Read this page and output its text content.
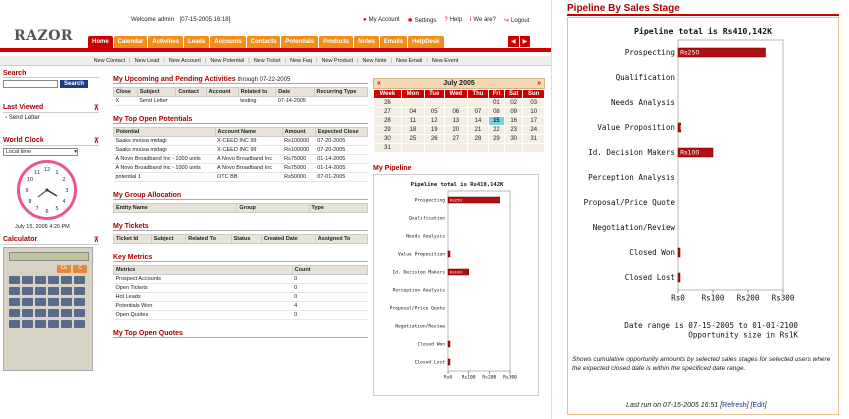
RAZOR
Welcome admin [07-15-2005 16:18]	● My Account ✱ Settings ? Help i We are? ↪ Logout
Home	Calendar	Activities	Leads	Accounts	Contacts	Potentials	Products	Notes	Emails	HelpDesk	◀	▶
New Contact | New Lead | New Account | New Potential | New Ticket | New Faq | New Product | New Note | New Email | New Event
Search
Search
Last Viewed	⊼
▪ Send Letter
World Clock	⊼
Local time	▾
12 1
2
3
4
5
6
7
8
9
10
11
July 15, 2005 4:20 PM
Calculator	⊼
CE	C
My Upcoming and Pending Activities through 07-22-2005
Close	Subject	Contact	Account	Related to	Date	Recurring Type
X	Send Letter			testing	07-14-2005	
My Top Open Potentials
Potential	Account Name	Amount	Expected Close
Saaks moüsa midagi	X-CEED INC 99	Rs100000	07-20-2005
Saaks moüsa midagi	X-CEED INC 99	Rs100000	07-20-2005
A Novo Broadband Inc - 1000 units	A Novo Broadband Inc	Rs75000	01-14-2005
A Novo Broadband Inc - 1000 units	A Novo Broadband Inc	Rs75000	01-14-2005
potential 1	OTC BB	Rs50000	07-01-2005
My Group Allocation
Entity Name	Group	Type
My Tickets
Ticket Id	Subject	Related To	Status	Created Date	Assigned To
Key Metrics
Metrics	Count
Prospect Accounts	0
Open Tickets	0
Hot Leads	0
Potentials Won	4
Open Quotes	0
My Top Open Quotes
«	July 2005	»
Week	Mon	Tue	Wed	Thu	Fri	Sat	Sun
26					01	02	03
27	04	05	06	07	08	09	10
28	11	12	13	14	15	16	17
29	18	19	20	21	22	23	24
30	25	26	27	28	29	30	31
31							
My Pipeline
Pipeline total is Rs410,142K
Prospecting Rs250
Qualification
Needs Analysis
Value Proposition Rs8
Id. Decision Makers Rs100
Perception Analysis
Proposal/Price Quote
Negotiation/Review
Closed Won Rs2
Closed Lost Rs2
Rs0 Rs100 Rs200 Rs300
Pipeline By Sales Stage
Pipeline total is Rs410,142K
Prospecting Rs250
Qualification
Needs Analysis
Value Proposition Rs8
Id. Decision Makers Rs100
Perception Analysis
Proposal/Price Quote
Negotiation/Review
Closed Won Rs2
Closed Lost Rs2
Rs0 Rs100 Rs200 Rs300
Date range is 07-15-2005 to 01-01-2100
Opportunity size in Rs1K
Shows cumulative opportunity amounts by selected sales stages for selected users where the expected closed date is within the specificed date range.
Last run on 07-15-2005 16:51 [Refresh] [Edit]
